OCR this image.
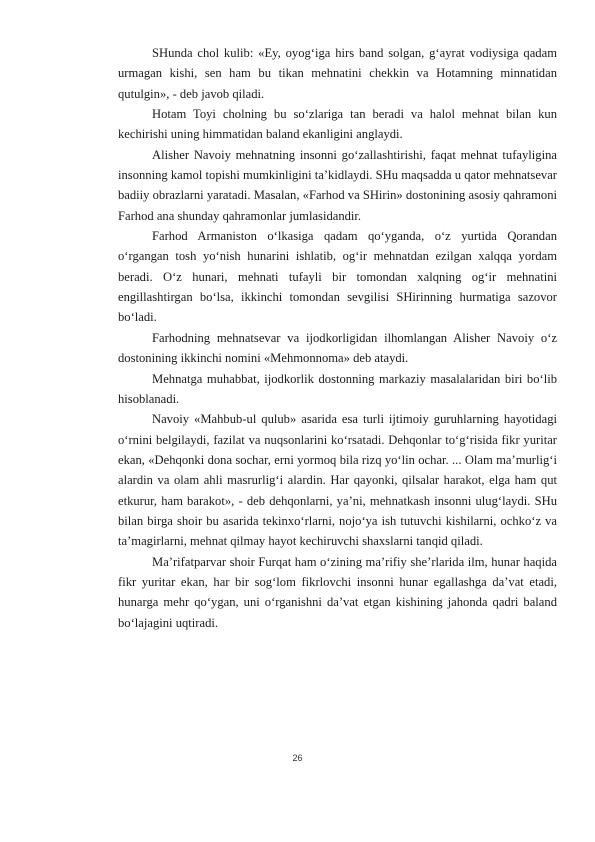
SHunda chol kulib: «Ey, oyog‘iga hirs band solgan, g‘ayrat vodiysiga qadam urmagan kishi, sen ham bu tikan mehnatini chekkin va Hotamning minnatidan qutulgin», - deb javob qiladi.

Hotam Toyi cholning bu so‘zlariga tan beradi va halol mehnat bilan kun kechirishi uning himmatidan baland ekanligini anglaydi.

Alisher Navoiy mehnatning insonni go‘zallashtirishi, faqat mehnat tufayligina insonning kamol topishi mumkinligini ta’kidlaydi. SHu maqsadda u qator mehnatsevar badiiy obrazlarni yaratadi. Masalan, «Farhod va SHirin» dostonining asosiy qahramoni Farhod ana shunday qahramonlar jumlasidandir.

Farhod Armaniston o‘lkasiga qadam qo‘yganda, o‘z yurtida Qorandan o‘rgangan tosh yo‘nish hunarini ishlatib, og‘ir mehnatdan ezilgan xalqqa yordam beradi. O‘z hunari, mehnati tufayli bir tomondan xalqning og‘ir mehnatini engillashtirgan bo‘lsa, ikkinchi tomondan sevgilisi SHirinning hurmatiga sazovor bo‘ladi.

Farhodning mehnatsevar va ijodkorligidan ilhomlangan Alisher Navoiy o‘z dostonining ikkinchi nomini «Mehmonnoma» deb ataydi.

Mehnatga muhabbat, ijodkorlik dostonning markaziy masalalaridan biri bo‘lib hisoblanadi.

Navoiy «Mahbub-ul qulub» asarida esa turli ijtimoiy guruhlarning hayotidagi o‘rnini belgilaydi, fazilat va nuqsonlarini ko‘rsatadi. Dehqonlar to‘g‘risida fikr yuritar ekan, «Dehqonki dona sochar, erni yormoq bila rizq yo‘lin ochar. ... Olam ma’murlig‘i alardin va olam ahli masrurlig‘i alardin. Har qayonki, qilsalar harakot, elga ham qut etkurur, ham barakot», - deb dehqonlarni, ya’ni, mehnatkash insonni ulug‘laydi. SHu bilan birga shoir bu asarida tekinxo‘rlarni, nojo‘ya ish tutuvchi kishilarni, ochko‘z va ta’magirlarni, mehnat qilmay hayot kechiruvchi shaxslarni tanqid qiladi.

Ma’rifatparvar shoir Furqat ham o‘zining ma’rifiy she’rlarida ilm, hunar haqida fikr yuritar ekan, har bir sog‘lom fikrlovchi insonni hunar egallashga da’vat etadi, hunarga mehr qo‘ygan, uni o‘rganishni da’vat etgan kishining jahonda qadri baland bo‘lajagini uqtiradi.

26
